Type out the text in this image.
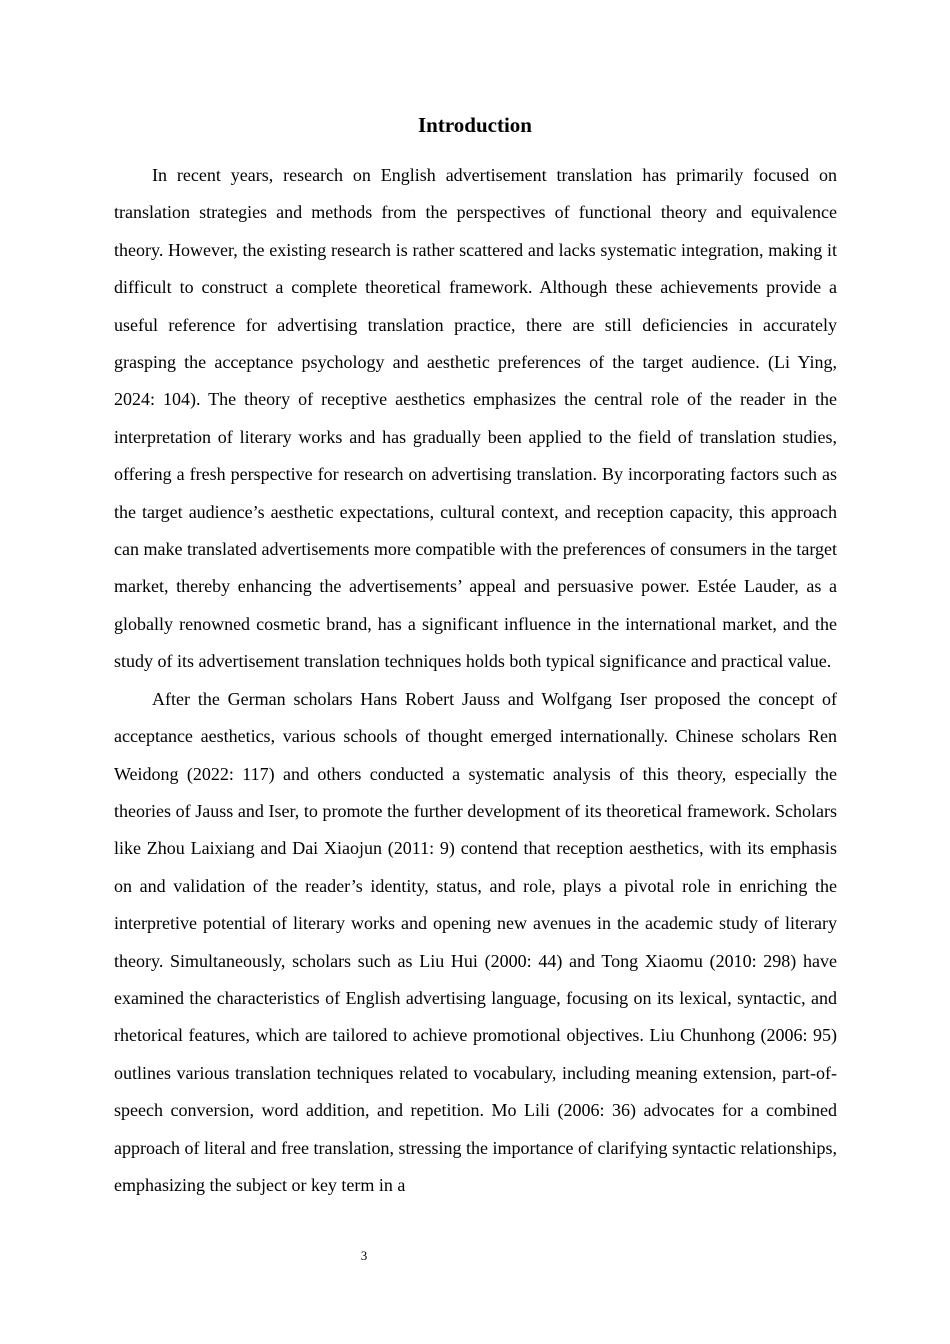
Introduction

In recent years, research on English advertisement translation has primarily focused on translation strategies and methods from the perspectives of functional theory and equivalence theory. However, the existing research is rather scattered and lacks systematic integration, making it difficult to construct a complete theoretical framework. Although these achievements provide a useful reference for advertising translation practice, there are still deficiencies in accurately grasping the acceptance psychology and aesthetic preferences of the target audience. (Li Ying, 2024: 104). The theory of receptive aesthetics emphasizes the central role of the reader in the interpretation of literary works and has gradually been applied to the field of translation studies, offering a fresh perspective for research on advertising translation. By incorporating factors such as the target audience’s aesthetic expectations, cultural context, and reception capacity, this approach can make translated advertisements more compatible with the preferences of consumers in the target market, thereby enhancing the advertisements’ appeal and persuasive power. Estée Lauder, as a globally renowned cosmetic brand, has a significant influence in the international market, and the study of its advertisement translation techniques holds both typical significance and practical value.

After the German scholars Hans Robert Jauss and Wolfgang Iser proposed the concept of acceptance aesthetics, various schools of thought emerged internationally. Chinese scholars Ren Weidong (2022: 117) and others conducted a systematic analysis of this theory, especially the theories of Jauss and Iser, to promote the further development of its theoretical framework. Scholars like Zhou Laixiang and Dai Xiaojun (2011: 9) contend that reception aesthetics, with its emphasis on and validation of the reader’s identity, status, and role, plays a pivotal role in enriching the interpretive potential of literary works and opening new avenues in the academic study of literary theory. Simultaneously, scholars such as Liu Hui (2000: 44) and Tong Xiaomu (2010: 298) have examined the characteristics of English advertising language, focusing on its lexical, syntactic, and rhetorical features, which are tailored to achieve promotional objectives. Liu Chunhong (2006: 95) outlines various translation techniques related to vocabulary, including meaning extension, part-of-speech conversion, word addition, and repetition. Mo Lili (2006: 36) advocates for a combined approach of literal and free translation, stressing the importance of clarifying syntactic relationships, emphasizing the subject or key term in a

3
